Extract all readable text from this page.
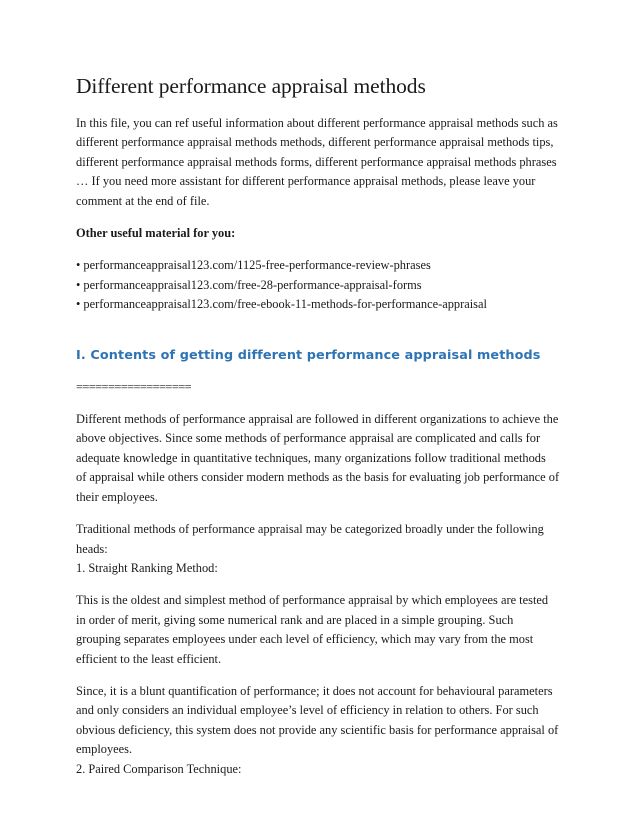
Different performance appraisal methods

In this file, you can ref useful information about different performance appraisal methods such as
different performance appraisal methods methods, different performance appraisal methods tips,
different performance appraisal methods forms, different performance appraisal methods phrases
… If you need more assistant for different performance appraisal methods, please leave your
comment at the end of file.

Other useful material for you:

• performanceappraisal123.com/1125-free-performance-review-phrases
• performanceappraisal123.com/free-28-performance-appraisal-forms
• performanceappraisal123.com/free-ebook-11-methods-for-performance-appraisal
I. Contents of getting different performance appraisal methods

==================

Different methods of performance appraisal are followed in different organizations to achieve the
above objectives. Since some methods of performance appraisal are complicated and calls for
adequate knowledge in quantitative techniques, many organizations follow traditional methods
of appraisal while others consider modern methods as the basis for evaluating job performance of
their employees.

Traditional methods of performance appraisal may be categorized broadly under the following
heads:
1. Straight Ranking Method:

This is the oldest and simplest method of performance appraisal by which employees are tested
in order of merit, giving some numerical rank and are placed in a simple grouping. Such
grouping separates employees under each level of efficiency, which may vary from the most
efficient to the least efficient.

Since, it is a blunt quantification of performance; it does not account for behavioural parameters
and only considers an individual employee’s level of efficiency in relation to others. For such
obvious deficiency, this system does not provide any scientific basis for performance appraisal of
employees.
2. Paired Comparison Technique:
